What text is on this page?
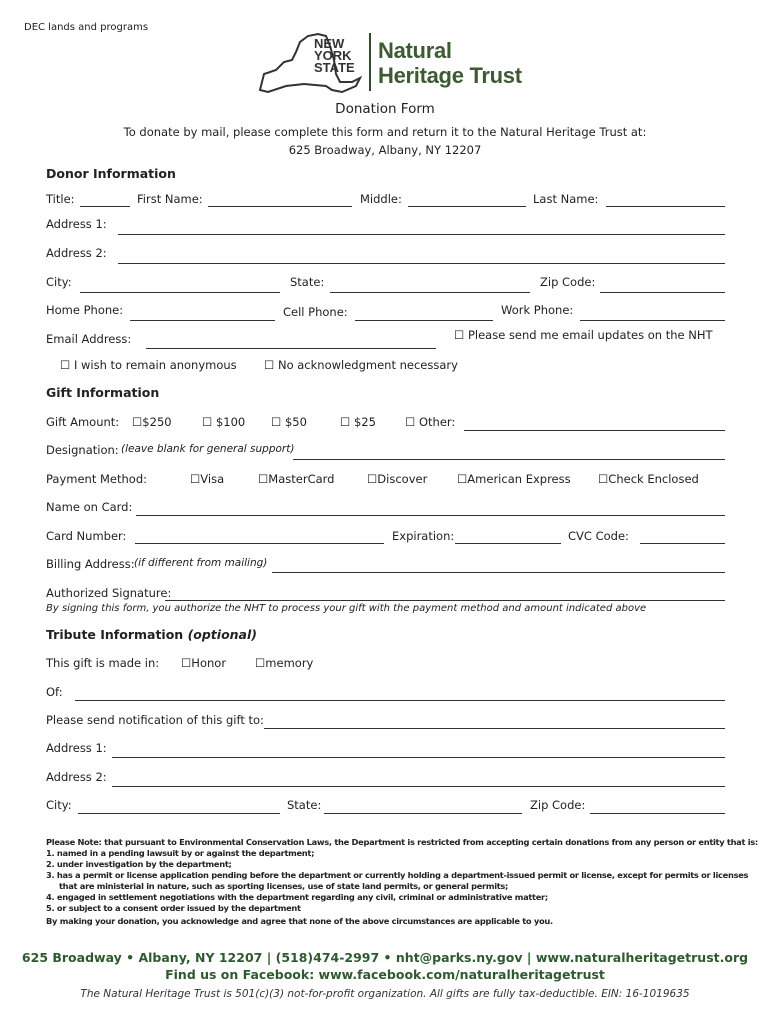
DEC lands and programs
NEW
YORK
STATE
Natural
Heritage Trust
Donation Form
To donate by mail, please complete this form and return it to the Natural Heritage Trust at:
625 Broadway, Albany, NY 12207
Donor Information
Title:	First Name:	Middle:	Last Name:
Address 1:
Address 2:
City:	State:	Zip Code:
Home Phone:	Cell Phone:	Work Phone:
Email Address:	☐ Please send me email updates on the NHT
☐ I wish to remain anonymous ☐ No acknowledgment necessary
Gift Information
Gift Amount: ☐$250	☐ $100 ☐ $50	☐ $25	☐ Other:
Designation: (leave blank for general support)
Payment Method:	☐Visa	☐MasterCard	☐Discover	☐American Express ☐Check Enclosed
Name on Card:
Card Number:	Expiration:	CVC Code:
Billing Address: (if different from mailing)
Authorized Signature:
By signing this form, you authorize the NHT to process your gift with the payment method and amount indicated above
Tribute Information (optional)
This gift is made in: ☐Honor	☐memory
Of:
Please send notification of this gift to:
Address 1:
Address 2:
City:	State:	Zip Code:
Please Note: that pursuant to Environmental Conservation Laws, the Department is restricted from accepting certain donations from any person or entity that is:
1. named in a pending lawsuit by or against the department;
2. under investigation by the department;
3. has a permit or license application pending before the department or currently holding a department-issued permit or license, except for permits or licenses
that are ministerial in nature, such as sporting licenses, use of state land permits, or general permits;
4. engaged in settlement negotiations with the department regarding any civil, criminal or administrative matter;
5. or subject to a consent order issued by the department
By making your donation, you acknowledge and agree that none of the above circumstances are applicable to you.
625 Broadway • Albany, NY 12207 | (518)474-2997 • nht@parks.ny.gov | www.naturalheritagetrust.org
Find us on Facebook: www.facebook.com/naturalheritagetrust
The Natural Heritage Trust is 501(c)(3) not-for-profit organization. All gifts are fully tax-deductible. EIN: 16-1019635
